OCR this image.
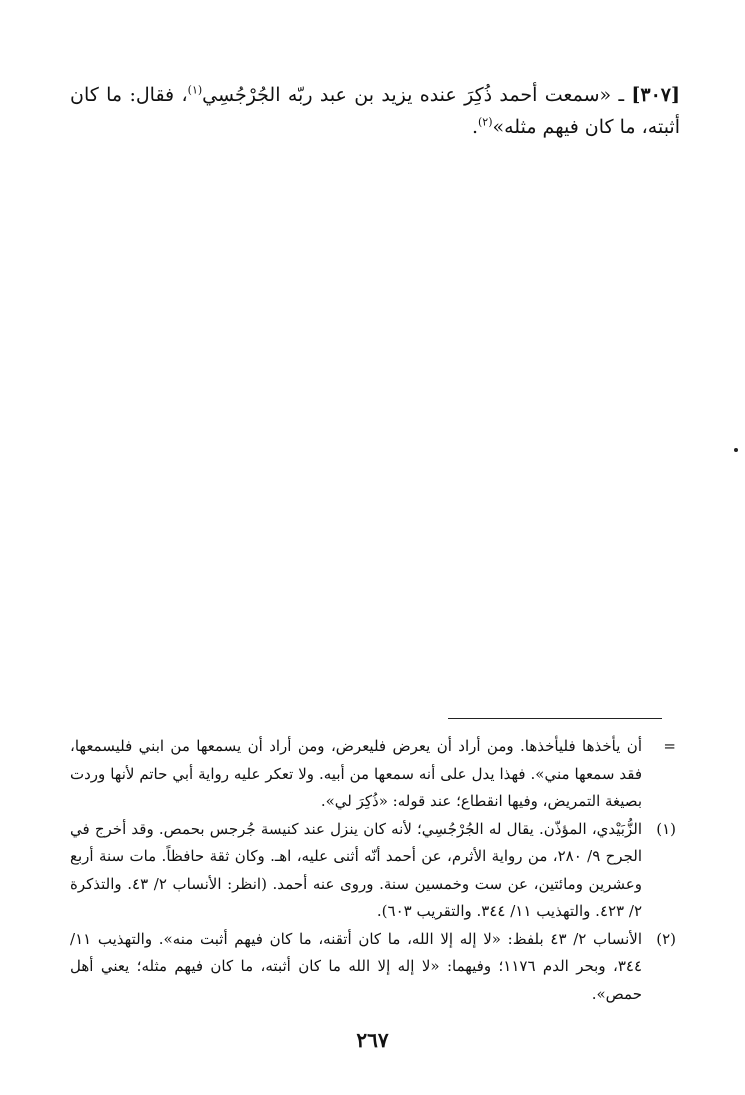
[٣٠٧] ـ «سمعت أحمد ذُكِرَ عنده يزيد بن عبد ربّه الجُرْجُسِي$^{(١)}$، فقال: ما كان أثبته، ما كان فيهم مثله»$^{(٢)}$.

=
أن يأخذها فليأخذها. ومن أراد أن يعرض فليعرض، ومن أراد أن يسمعها من ابني فليسمعها، فقد سمعها مني». فهذا يدل على أنه سمعها من أبيه. ولا تعكر عليه رواية أبي حاتم لأنها وردت بصيغة التمريض، وفيها انقطاع؛ عند قوله: «ذُكِرَ لي».
(١)
الزُّبَيْدي، المؤذّن. يقال له الجُرْجُسِي؛ لأنه كان ينزل عند كنيسة جُرجس بحمص. وقد أخرج في الجرح ٩/ ٢٨٠، من رواية الأثرم، عن أحمد أنّه أثنى عليه، اهـ. وكان ثقة حافظاً. مات سنة أربع وعشرين ومائتين، عن ست وخمسين سنة. وروى عنه أحمد. (انظر: الأنساب ٢/ ٤٣. والتذكرة ٢/ ٤٢٣. والتهذيب ١١/ ٣٤٤. والتقريب ٦٠٣).
(٢)
الأنساب ٢/ ٤٣ بلفظ: «لا إله إلا الله، ما كان أتقنه، ما كان فيهم أثبت منه». والتهذيب ١١/ ٣٤٤، وبحر الدم ١١٧٦؛ وفيهما: «لا إله إلا الله ما كان أثبته، ما كان فيهم مثله؛ يعني أهل حمص».
٢٦٧
